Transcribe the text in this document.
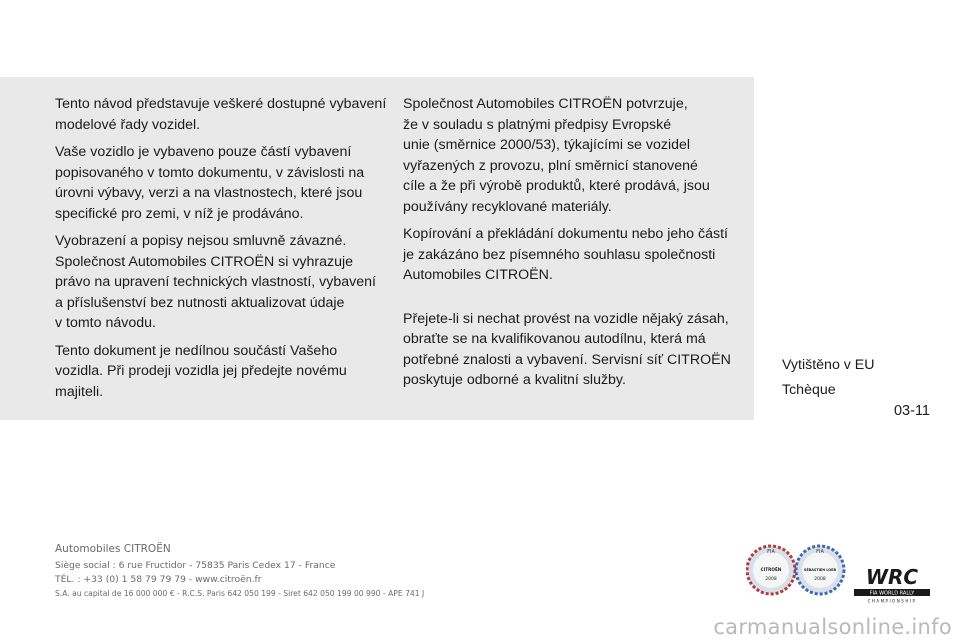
Tento návod představuje veškeré dostupné vybavení
modelové řady vozidel.

Vaše vozidlo je vybaveno pouze částí vybavení
popisovaného v tomto dokumentu, v závislosti na
úrovni výbavy, verzi a na vlastnostech, které jsou
specifické pro zemi, v níž je prodáváno.

Vyobrazení a popisy nejsou smluvně závazné.
Společnost Automobiles CITROËN si vyhrazuje
právo na upravení technických vlastností, vybavení
a příslušenství bez nutnosti aktualizovat údaje
v tomto návodu.

Tento dokument je nedílnou součástí Vašeho
vozidla. Při prodeji vozidla jej předejte novému
majiteli.

Společnost Automobiles CITROËN potvrzuje,
že v souladu s platnými předpisy Evropské
unie (směrnice 2000/53), týkajícími se vozidel
vyřazených z provozu, plní směrnicí stanovené
cíle a že při výrobě produktů, které prodává, jsou
používány recyklované materiály.

Kopírování a překládání dokumentu nebo jeho částí
je zakázáno bez písemného souhlasu společnosti
Automobiles CITROËN.

Přejete-li si nechat provést na vozidle nějaký zásah,
obraťte se na kvalifikovanou autodílnu, která má
potřebné znalosti a vybavení. Servisní síť CITROËN
poskytuje odborné a kvalitní služby.

Vytištěno v EU
Tchèque
03-11
Automobiles CITROËN
Siège social : 6 rue Fructidor - 75835 Paris Cedex 17 - France
TÉL. : +33 (0) 1 58 79 79 79 - www.citroën.fr
S.A. au capital de 16 000 000 € - R.C.S. Paris 642 050 199 - Siret 642 050 199 00 990 - APE 741 J
FIA
CITROËN
2008
FIA
SÉBASTIEN LOEB
2008 WRC
FIA WORLD RALLY
CHAMPIONSHIP
carmanualsonline.info
